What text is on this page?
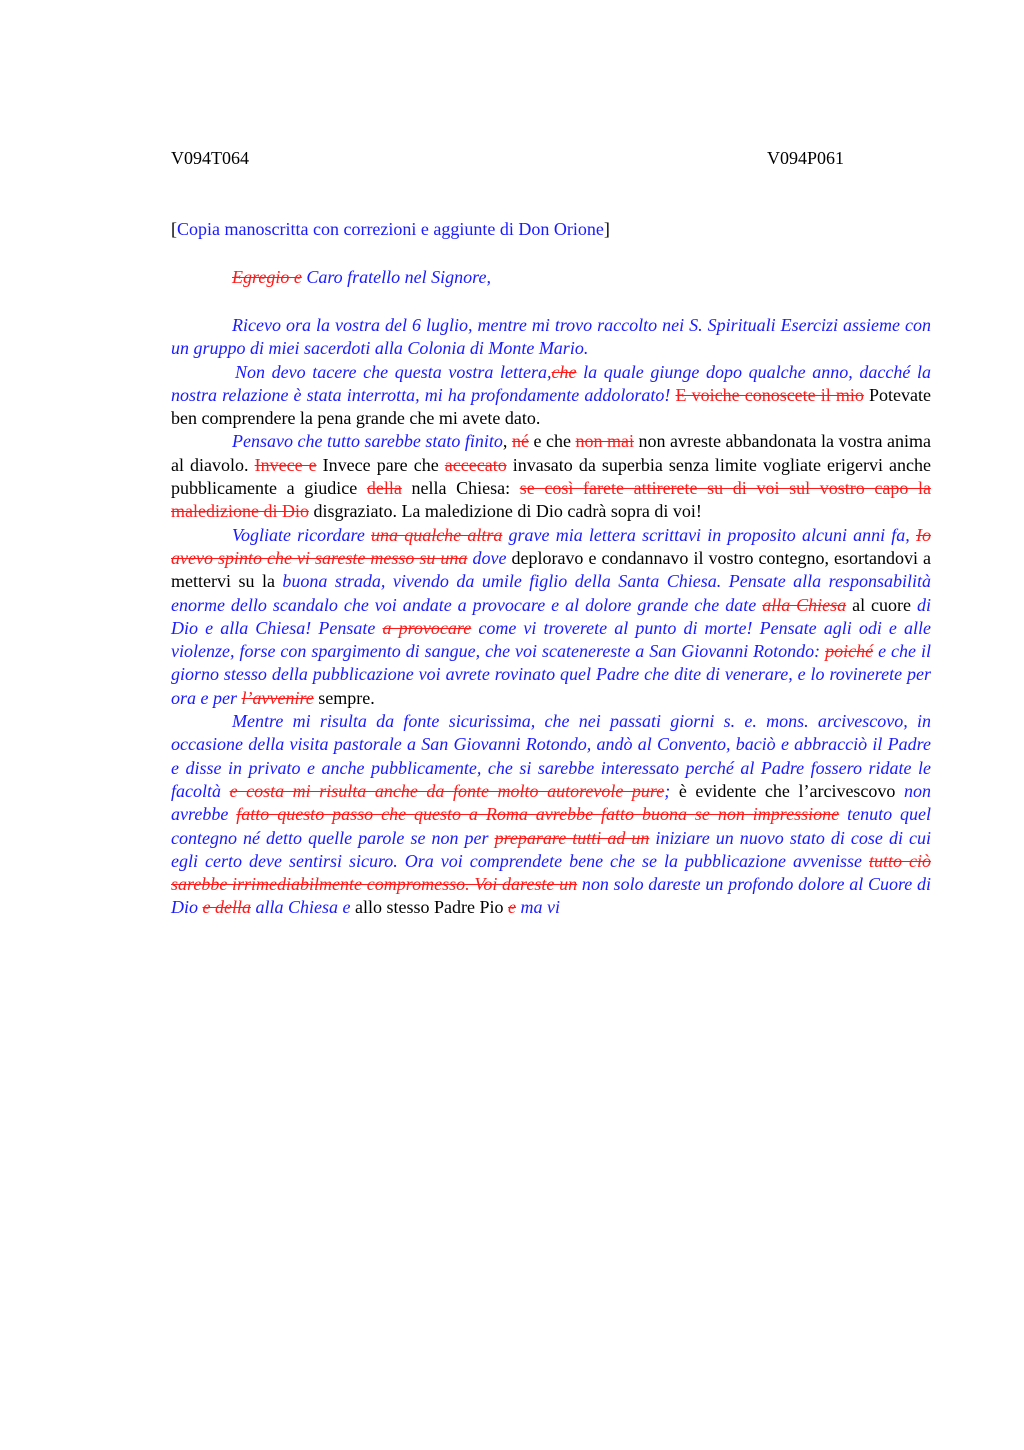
V094T064	V094P061
[Copia manoscritta con correzioni e aggiunte di Don Orione]
Egregio e Caro fratello nel Signore,

Ricevo ora la vostra del 6 luglio, mentre mi trovo raccolto nei S. Spirituali Esercizi assieme con un gruppo di miei sacerdoti alla Colonia di Monte Mario.

Non devo tacere che questa vostra lettera,che la quale giunge dopo qualche anno, dacché la nostra relazione è stata interrotta, mi ha profondamente addolorato! E voiche conoscete il mio Potevate ben comprendere la pena grande che mi avete dato.

Pensavo che tutto sarebbe stato finito, né e che non mai non avreste abbandonata la vostra anima al diavolo. Invece e Invece pare che accecato invasato da superbia senza limite vogliate erigervi anche pubblicamente a giudice della nella Chiesa: se così farete attirerete su di voi sul vostro capo la maledizione di Dio disgraziato. La maledizione di Dio cadrà sopra di voi!

Vogliate ricordare una qualche altra grave mia lettera scrittavi in proposito alcuni anni fa, Io avevo spinto che vi sareste messo su una dove deploravo e condannavo il vostro contegno, esortandovi a mettervi su la buona strada, vivendo da umile figlio della Santa Chiesa. Pensate alla responsabilità enorme dello scandalo che voi andate a provocare e al dolore grande che date alla Chiesa al cuore di Dio e alla Chiesa! Pensate a provocare come vi troverete al punto di morte! Pensate agli odi e alle violenze, forse con spargimento di sangue, che voi scatenereste a San Giovanni Rotondo: poiché e che il giorno stesso della pubblicazione voi avrete rovinato quel Padre che dite di venerare, e lo rovinerete per ora e per l’avvenire sempre.

Mentre mi risulta da fonte sicurissima, che nei passati giorni s. e. mons. arcivescovo, in occasione della visita pastorale a San Giovanni Rotondo, andò al Convento, baciò e abbracciò il Padre e disse in privato e anche pubblicamente, che si sarebbe interessato perché al Padre fossero ridate le facoltà e costa mi risulta anche da fonte molto autorevole pure; è evidente che l’arcivescovo non avrebbe fatto questo passo che questo a Roma avrebbe fatto buona se non impressione tenuto quel contegno né detto quelle parole se non per preparare tutti ad un iniziare un nuovo stato di cose di cui egli certo deve sentirsi sicuro. Ora voi comprendete bene che se la pubblicazione avvenisse tutto ciò sarebbe irrimediabilmente compromesso. Voi dareste un non solo dareste un profondo dolore al Cuore di Dio e della alla Chiesa e allo stesso Padre Pio e ma vi
